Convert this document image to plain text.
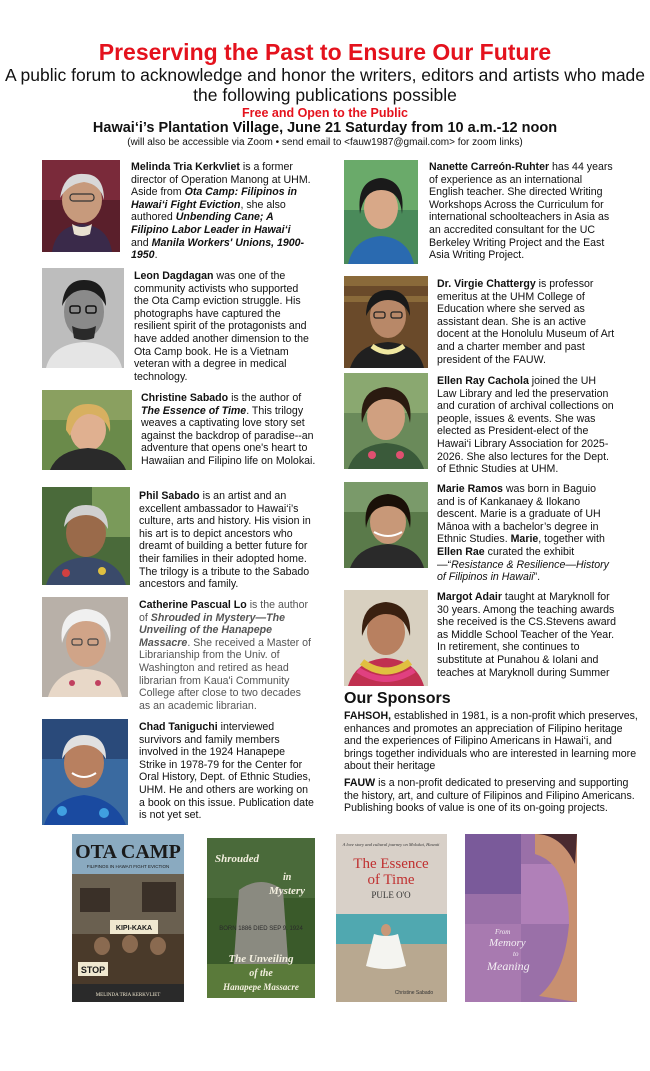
Preserving the Past to Ensure Our Future
A public forum to acknowledge and honor the writers, editors and artists who made the following publications possible
Free and Open to the Public
Hawai‘i’s Plantation Village, June 21 Saturday from 10 a.m.-12 noon
(will also be accessible via Zoom • send email to <fauw1987@gmail.com> for zoom links)
Melinda Tria Kerkvliet is a former director of Operation Manong at UHM. Aside from Ota Camp: Filipinos in Hawai‘i Fight Eviction, she also authored Unbending Cane; A Filipino Labor Leader in Hawai‘i and Manila Workers' Unions, 1900-1950.
Leon Dagdagan was one of the community activists who supported the Ota Camp eviction struggle. His photographs have captured the resilient spirit of the protagonists and have added another dimension to the Ota Camp book. He is a Vietnam veteran with a degree in medical technology.
Christine Sabado is the author of The Essence of Time. This trilogy weaves a captivating love story set against the backdrop of paradise--an adventure that opens one's heart to Hawaiian and Filipino life on Molokai.
Phil Sabado is an artist and an excellent ambassador to Hawai‘i’s culture, arts and history. His vision in his art is to depict ancestors who dreamt of building a better future for their families in their adopted home. The trilogy is a tribute to the Sabado ancestors and family.
Catherine Pascual Lo is the author of Shrouded in Mystery—The Unveiling of the Hanapepe Massacre. She received a Master of Librarianship from the Univ. of Washington and retired as head librarian from Kaua'i Community College after close to two decades as an academic librarian.
Chad Taniguchi interviewed survivors and family members involved in the 1924 Hanapepe Strike in 1978-79 for the Center for Oral History, Dept. of Ethnic Studies, UHM. He and others are working on a book on this issue. Publication date is not yet set.
Nanette Carreón-Ruhter has 44 years of experience as an international English teacher. She directed Writing Workshops Across the Curriculum for international schoolteachers in Asia as an accredited consultant for the UC Berkeley Writing Project and the East Asia Writing Project.
Dr. Virgie Chattergy is professor emeritus at the UHM College of Education where she served as assistant dean. She is an active docent at the Honolulu Museum of Art and a charter member and past president of the FAUW.
Ellen Ray Cachola joined the UH Law Library and led the preservation and curation of archival collections on people, issues & events. She was elected as President-elect of the Hawai‘i Library Association for 2025-2026. She also lectures for the Dept. of Ethnic Studies at UHM.
Marie Ramos was born in Baguio and is of Kankanaey & Ilokano descent. Marie is a graduate of UH Mānoa with a bachelor’s degree in Ethnic Studies. Marie, together with Ellen Rae curated the exhibit—“Resistance & Resilience—History of Filipinos in Hawaii”.
Margot Adair taught at Maryknoll for 30 years. Among the teaching awards she received is the CS.Stevens award as Middle School Teacher of the Year. In retirement, she continues to substitute at Punahou & Iolani and teaches at Maryknoll during Summer
Our Sponsors
FAHSOH, established in 1981, is a non-profit which preserves, enhances and promotes an appreciation of Filipino heritage and the experiences of Filipino Americans in Hawai‘i, and brings together individuals who are interested in learning more about their heritage
FAUW is a non-profit dedicated to preserving and supporting the history, art, and culture of Filipinos and Filipino Americans. Publishing books of value is one of its on-going projects.
OTA CAMP
FILIPINOS IN HAWAI'I FIGHT EVICTION
KIPI-KAKA
STOP
MELINDA TRIA KERKVLIET
Shrouded
in
Mystery
BORN 1886 DIED SEP 9. 1924
The Unveiling
of the
Hanapepe Massacre
A love story and cultural journey on Molokai, Hawaii
The Essence
of Time
PULE O'O
Christine Sabado
From
Memory
to
Meaning
